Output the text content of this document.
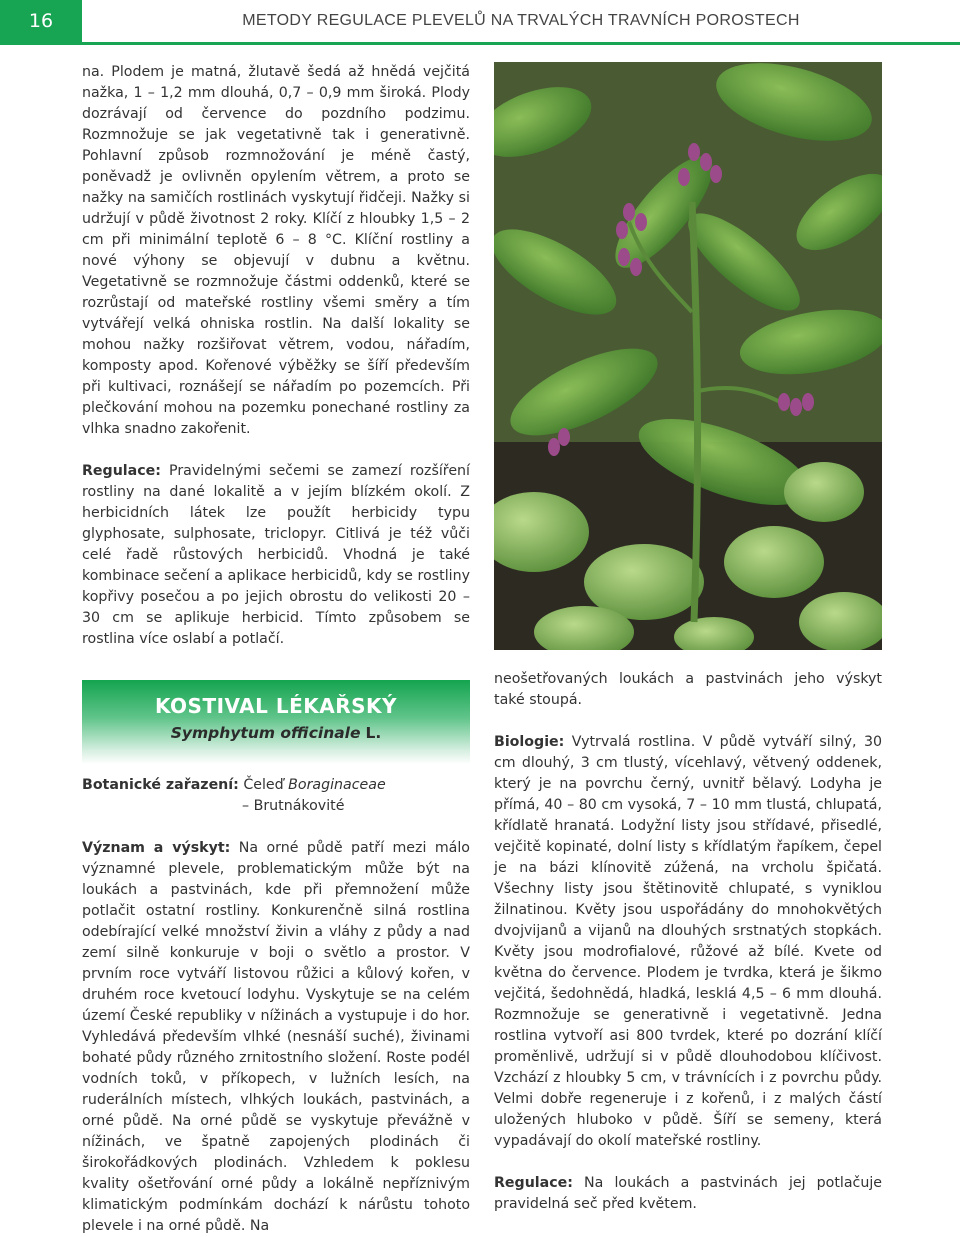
16	METODY REGULACE PLEVELŮ NA TRVALÝCH TRAVNÍCH POROSTECH

na. Plodem je matná, žlutavě šedá až hnědá vejčitá nažka, 1 – 1,2 mm dlouhá, 0,7 – 0,9 mm široká. Plody dozrávají od července do pozdního podzimu. Rozmnožuje se jak vegetativně tak i generativně. Pohlavní způsob rozmnožování je méně častý, poněvadž je ovlivněn opylením větrem, a proto se nažky na samičích rostlinách vyskytují řidčeji. Nažky si udržují v půdě životnost 2 roky. Klíčí z hloubky 1,5 – 2 cm při minimální teplotě 6 – 8 °C. Klíční rostliny a nové výhony se objevují v dubnu a květnu. Vegetativně se rozmnožuje částmi oddenků, které se rozrůstají od mateřské rostliny všemi směry a tím vytvářejí velká ohniska rostlin. Na další lokality se mohou nažky rozšiřovat větrem, vodou, nářadím, komposty apod. Kořenové výběžky se šíří především při kultivaci, roznášejí se nářadím po pozemcích. Při plečkování mohou na pozemku ponechané rostliny za vlhka snadno zakořenit.

Regulace: Pravidelnými sečemi se zamezí rozšíření rostliny na dané lokalitě a v jejím blízkém okolí. Z herbicidních látek lze použít herbicidy typu glyphosate, sulphosate, triclopyr. Citlivá je též vůči celé řadě růstových herbicidů. Vhodná je také kombinace sečení a aplikace herbicidů, kdy se rostliny kopřivy posečou a po jejich obrostu do velikosti 20 – 30 cm se aplikuje herbicid. Tímto způsobem se rostlina více oslabí a potlačí.

KOSTIVAL LÉKAŘSKÝ
Symphytum officinale L.

Botanické zařazení: Čeleď Boraginaceae
– Brutnákovité

Význam a výskyt: Na orné půdě patří mezi málo významné plevele, problematickým může být na loukách a pastvinách, kde při přemnožení může potlačit ostatní rostliny. Konkurenčně silná rostlina odebírající velké množství živin a vláhy z půdy a nad zemí silně konkuruje v boji o světlo a prostor. V prvním roce vytváří listovou růžici a kůlový kořen, v druhém roce kvetoucí lodyhu. Vyskytuje se na celém území České republiky v nížinách a vystupuje i do hor. Vyhledává především vlhké (nesnáší suché), živinami bohaté půdy různého zrnitostního složení. Roste podél vodních toků, v příkopech, v lužních lesích, na ruderálních místech, vlhkých loukách, pastvinách, a orné půdě. Na orné půdě se vyskytuje převážně v nížinách, ve špatně zapojených plodinách či širokořádkových plodinách. Vzhledem k poklesu kvality ošetřování orné půdy a lokálně nepříznivým klimatickým podmínkám dochází k nárůstu tohoto plevele i na orné půdě. Na

neošetřovaných loukách a pastvinách jeho výskyt také stoupá.

Biologie: Vytrvalá rostlina. V půdě vytváří silný, 30 cm dlouhý, 3 cm tlustý, vícehlavý, větvený oddenek, který je na povrchu černý, uvnitř bělavý. Lodyha je přímá, 40 – 80 cm vysoká, 7 – 10 mm tlustá, chlupatá, křídlatě hranatá. Lodyžní listy jsou střídavé, přisedlé, vejčitě kopinaté, dolní listy s křídlatým řapíkem, čepel je na bázi klínovitě zúžená, na vrcholu špičatá. Všechny listy jsou štětinovitě chlupaté, s vyniklou žilnatinou. Květy jsou uspořádány do mnohokvětých dvojvijanů a vijanů na dlouhých srstnatých stopkách. Květy jsou modrofialové, růžové až bílé. Kvete od května do července. Plodem je tvrdka, která je šikmo vejčitá, šedohnědá, hladká, lesklá 4,5 – 6 mm dlouhá. Rozmnožuje se generativně i vegetativně. Jedna rostlina vytvoří asi 800 tvrdek, které po dozrání klíčí proměnlivě, udržují si v půdě dlouhodobou klíčivost. Vzchází z hloubky 5 cm, v trávnících i z povrchu půdy. Velmi dobře regeneruje i z kořenů, i z malých částí uložených hluboko v půdě. Šíří se semeny, která vypadávají do okolí mateřské rostliny.

Regulace: Na loukách a pastvinách jej potlačuje pravidelná seč před květem.
